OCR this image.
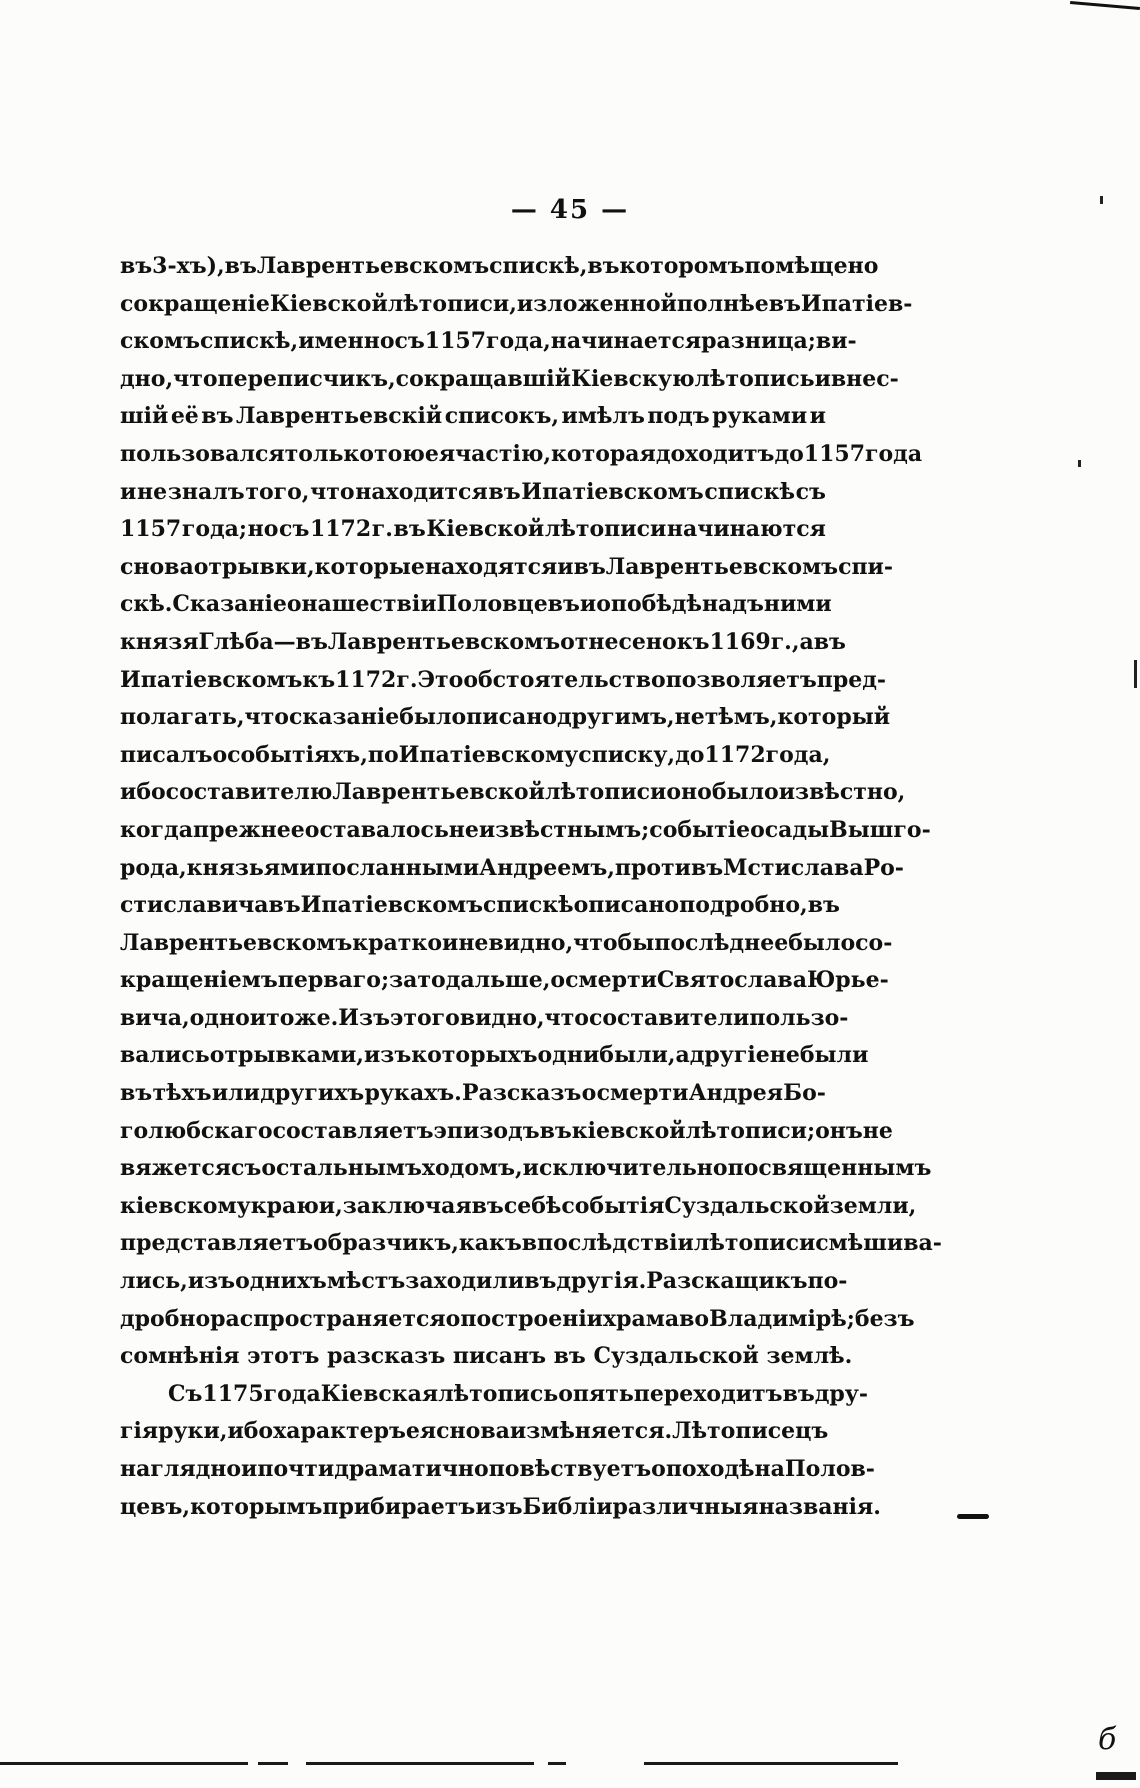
— 45 —
въ 3-хъ), въ Лаврентьевскомъ спискѣ, въ которомъ помѣщено
сокращеніе Кіевской лѣтописи, изложенной полнѣе въ Ипатіев-
скомъ спискѣ, именно съ 1157 года, начинается разница; ви-
дно, что переписчикъ, сокращавшій Кіевскую лѣтопись и внес-
шій её въ Лаврентьевскій списокъ, имѣлъ подъ руками и
пользовался только тою ея частію, которая доходитъ до 1157 года
и не зналъ того, что находится въ Ипатіевскомъ спискѣ съ
1157 года; но съ 1172 г. въ Кіевской лѣтописи начинаются
снова отрывки, которые находятся и въ Лаврентьевскомъ спи-
скѣ. Сказаніе о нашествіи Половцевъ и о побѣдѣ надъ ними
князя Глѣба — въ Лаврентьевскомъ отнесено къ 1169 г., а въ
Ипатіевскомъ къ 1172 г. Это обстоятельство позволяетъ пред-
полагать, что сказаніе было писано другимъ, не тѣмъ, который
писалъ о событіяхъ, по Ипатіевскому списку, до 1172 года,
ибо составителю Лаврентьевской лѣтописи оно было извѣстно,
когда прежнее оставалось неизвѣстнымъ; событіе осады Вышго-
рода, князьями посланными Андреемъ, противъ Мстислава Ро-
стиславича въ Ипатіевскомъ спискѣ описано подробно, въ
Лаврентьевскомъ кратко и не видно, чтобы послѣднее было со-
кращеніемъ перваго; за то дальше, о смерти Святослава Юрье-
вича, одно и тоже. Изъ этого видно, что составители пользо-
вались отрывками, изъ которыхъ одни были, а другіе не были
въ тѣхъ или другихъ рукахъ. Разсказъ о смерти Андрея Бо-
голюбскаго составляетъ эпизодъ въ кіевской лѣтописи; онъ не
вяжется съ остальнымъ ходомъ, исключительно посвященнымъ
кіевскому краю и, заключая въ себѣ событія Суздальской земли,
представляетъ образчикъ, какъ впослѣдствіи лѣтописи смѣшива-
лись, изъ однихъ мѣстъ заходили въ другія. Разскащикъ по-
дробно распространяется о построеніи храма во Владимірѣ; безъ
сомнѣнія этотъ разсказъ писанъ въ Суздальской землѣ.
Съ 1175 года Кіевская лѣтопись опять переходитъ въ дру-
гія руки, ибо характеръ ея снова измѣняется. Лѣтописецъ
наглядно и почти драматично повѣствуетъ о походѣ на Полов-
цевъ, которымъ прибираетъ изъ Библіи различныя названія.
б
